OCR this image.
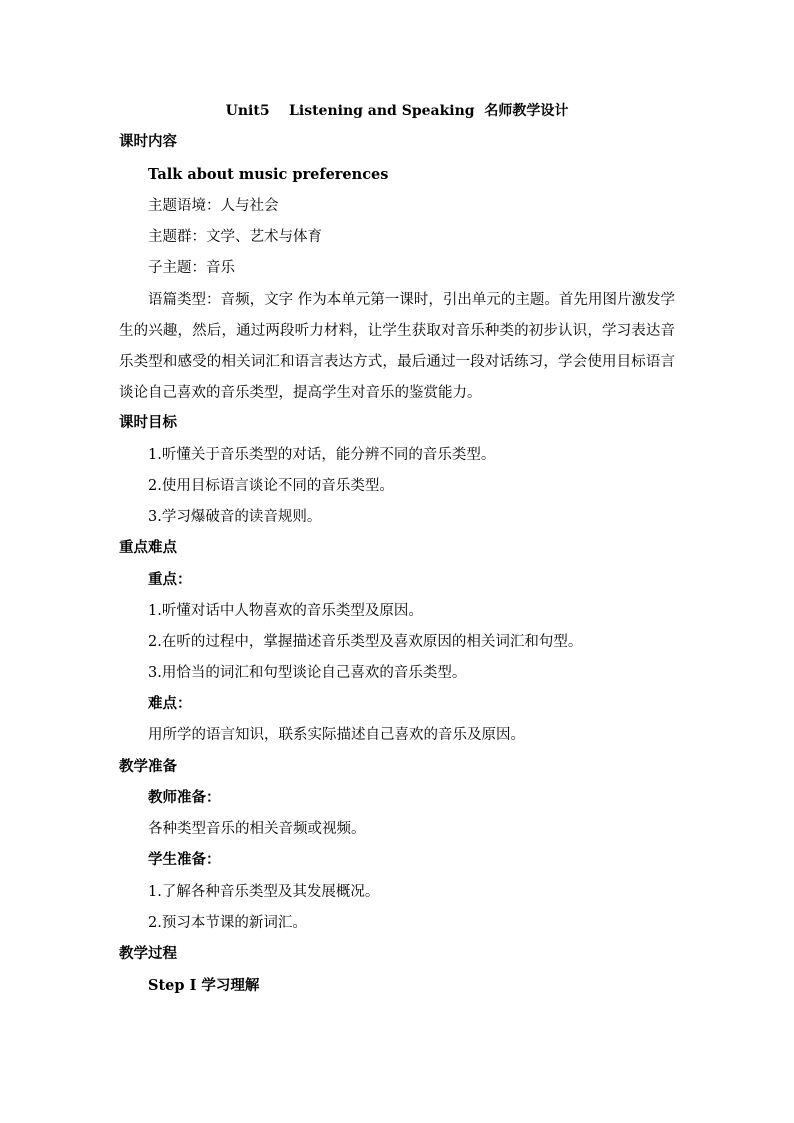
Unit5    Listening and Speaking  名师教学设计
课时内容
Talk about music preferences
主题语境：人与社会
主题群：文学、艺术与体育
子主题：音乐

语篇类型：音频，文字 作为本单元第一课时，引出单元的主题。首先用图片激发学生的兴趣，然后，通过两段听力材料，让学生获取对音乐种类的初步认识，学习表达音乐类型和感受的相关词汇和语言表达方式，最后通过一段对话练习，学会使用目标语言谈论自己喜欢的音乐类型，提高学生对音乐的鉴赏能力。

课时目标
1.听懂关于音乐类型的对话，能分辨不同的音乐类型。
2.使用目标语言谈论不同的音乐类型。
3.学习爆破音的读音规则。
重点难点
重点：
1.听懂对话中人物喜欢的音乐类型及原因。
2.在听的过程中，掌握描述音乐类型及喜欢原因的相关词汇和句型。
3.用恰当的词汇和句型谈论自己喜欢的音乐类型。
难点：
用所学的语言知识，联系实际描述自己喜欢的音乐及原因。
教学准备
教师准备：
各种类型音乐的相关音频或视频。
学生准备：
1.了解各种音乐类型及其发展概况。
2.预习本节课的新词汇。
教学过程
Step I 学习理解
